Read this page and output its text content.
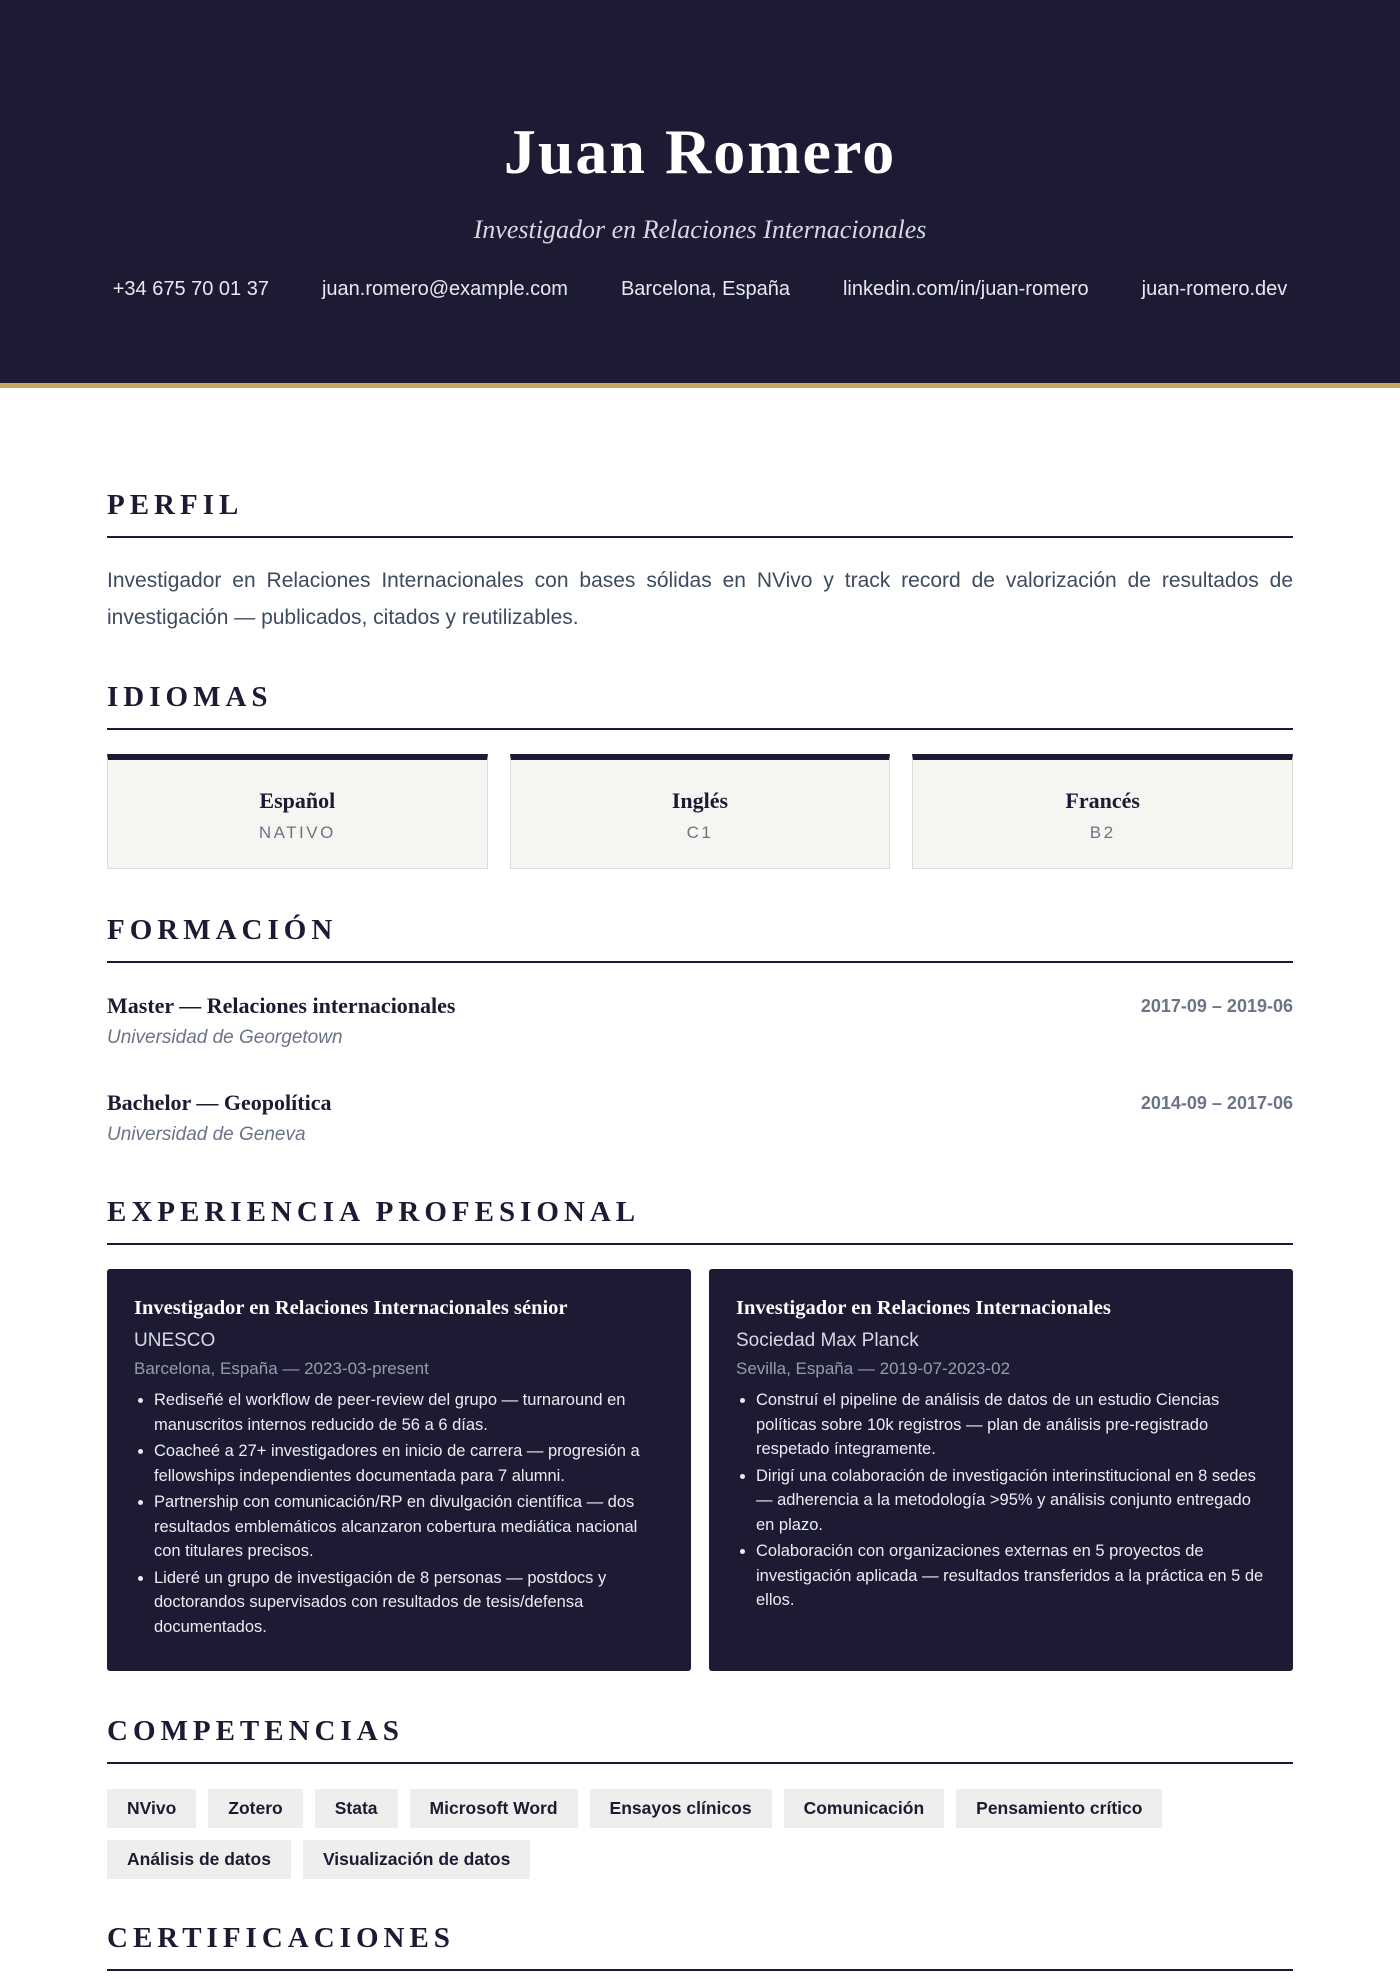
Juan Romero
Investigador en Relaciones Internacionales
+34 675 70 01 37	juan.romero@example.com	Barcelona, España	linkedin.com/in/juan-romero	juan-romero.dev
PERFIL
Investigador en Relaciones Internacionales con bases sólidas en NVivo y track record de valorización de resultados de investigación — publicados, citados y reutilizables.
IDIOMAS
Español
NATIVO
Inglés
C1
Francés
B2
FORMACIÓN
Master — Relaciones internacionales
Universidad de Georgetown
2017-09 – 2019-06
Bachelor — Geopolítica
Universidad de Geneva
2014-09 – 2017-06
EXPERIENCIA PROFESIONAL
Investigador en Relaciones Internacionales sénior
UNESCO
Barcelona, España — 2023-03-present
• Rediseñé el workflow de peer-review del grupo — turnaround en manuscritos internos reducido de 56 a 6 días.
• Coacheé a 27+ investigadores en inicio de carrera — progresión a fellowships independientes documentada para 7 alumni.
• Partnership con comunicación/RP en divulgación científica — dos resultados emblemáticos alcanzaron cobertura mediática nacional con titulares precisos.
• Lideré un grupo de investigación de 8 personas — postdocs y doctorandos supervisados con resultados de tesis/defensa documentados.
Investigador en Relaciones Internacionales
Sociedad Max Planck
Sevilla, España — 2019-07-2023-02
• Construí el pipeline de análisis de datos de un estudio Ciencias políticas sobre 10k registros — plan de análisis pre-registrado respetado íntegramente.
• Dirigí una colaboración de investigación interinstitucional en 8 sedes — adherencia a la metodología >95% y análisis conjunto entregado en plazo.
• Colaboración con organizaciones externas en 5 proyectos de investigación aplicada — resultados transferidos a la práctica en 5 de ellos.
COMPETENCIAS
NVivo	Zotero	Stata	Microsoft Word	Ensayos clínicos	Comunicación	Pensamiento crítico
Análisis de datos	Visualización de datos
CERTIFICACIONES
